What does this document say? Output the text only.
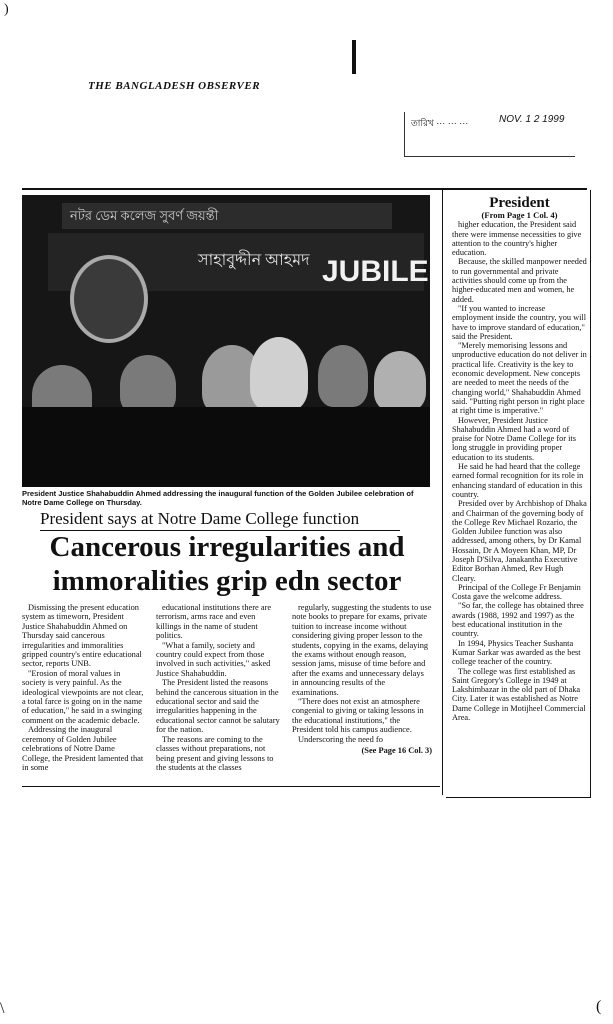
)
THE BANGLADESH OBSERVER
তারিখ ··· ··· ···	NOV. 1 2 1999
নটর ডেম কলেজ সুবর্ণ জয়ন্তী
সাহাবুদ্দীন আহমদ JUBILE
President Justice Shahabuddin Ahmed addressing the inaugural function of the Golden Jubilee celebration of Notre Dame College on Thursday.
President says at Notre Dame College function
Cancerous irregularities and immoralities grip edn sector

Dismissing the present education system as timeworn, President Justice Shahabuddin Ahmed on Thursday said cancerous irregularities and immoralities gripped country's entire educational sector, reports UNB.

"Erosion of moral values in society is very painful. As the ideological viewpoints are not clear, a total farce is going on in the name of education," he said in a swinging comment on the academic debacle.

Addressing the inaugural ceremony of Golden Jubilee celebrations of Notre Dame College, the President lamented that in some

educational institutions there are terrorism, arms race and even killings in the name of student politics.

"What a family, society and country could expect from those involved in such activities," asked Justice Shahabuddin.

The President listed the reasons behind the cancerous situation in the educational sector and said the irregularities happening in the educational sector cannot be salutary for the nation.

The reasons are coming to the classes without preparations, not being present and giving lessons to the students at the classes

regularly, suggesting the students to use note books to prepare for exams, private tuition to increase income without considering giving proper lesson to the students, copying in the exams, delaying the exams without enough reason, session jams, misuse of time before and after the exams and unnecessary delays in announcing results of the examinations.

"There does not exist an atmosphere congenial to giving or taking lessons in the educational institutions," the President told his campus audience.

Underscoring the need fo

(See Page 16 Col. 3)
President
(From Page 1 Col. 4)

higher education, the President said there were immense necessities to give attention to the country's higher education.

Because, the skilled manpower needed to run governmental and private activities should come up from the higher-educated men and women, he added.

"If you wanted to increase employment inside the country, you will have to improve standard of education," said the President.

"Merely memorising lessons and unproductive education do not deliver in practical life. Creativity is the key to economic development. New concepts are needed to meet the needs of the changing world," Shahabuddin Ahmed said. "Putting right person in right place at right time is imperative."

However, President Justice Shahabuddin Ahmed had a word of praise for Notre Dame College for its long struggle in providing proper education to its students.

He said he had heard that the college earned formal recognition for its role in enhancing standard of education in this country.

Presided over by Archbishop of Dhaka and Chairman of the governing body of the College Rev Michael Rozario, the Golden Jubilee function was also addressed, among others, by Dr Kamal Hossain, Dr A Moyeen Khan, MP, Dr Joseph D'Silva, Janakantha Executive Editor Borhan Ahmed, Rev Hugh Cleary.

Principal of the College Fr Benjamin Costa gave the welcome address.

"So far, the college has obtained three awards (1988, 1992 and 1997) as the best educational institution in the country.

In 1994, Physics Teacher Sushanta Kumar Sarkar was awarded as the best college teacher of the country.

The college was first established as Saint Gregory's College in 1949 at Lakshimbazar in the old part of Dhaka City. Later it was established as Notre Dame College in Motijheel Commercial Area.

\	(
